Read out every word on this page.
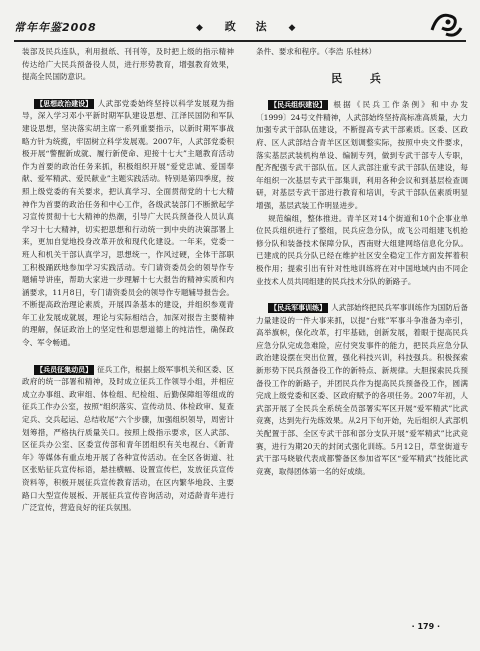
常年年鉴2008	◆ 政 法 ◆

装部及民兵连队，利用报纸、刊刊等，及时把上级的指示精神传达给广大民兵预备役人员，进行形势教育，增强教育效果，提高全民国防意识。

【思想政治建设】 人武部党委始终坚持以科学发展观为指导，深入学习邓小平新时期军队建设思想、江泽民国防和军队建设思想，坚决落实胡主席一系列重要指示，以新时期军事战略方针为统揽，牢固树立科学发展观。2007年，人武部党委积极开展“警醒新成就、履行新使命、迎接十七大”主题教育活动作为首要的政治任务来抓，积极组织开展“爱党忠诚、爱国奉献、爱军精武、爱民献业”主题实践活动。特别是第四季度，按照上级党委的有关要求，把认真学习、全面贯彻党的十七大精神作为首要的政治任务和中心工作，各级武装部门不断掀起学习宣传贯彻十七大精神的热潮，引导广大民兵预备役人员认真学习十七大精神，切实把思想和行动统一到中央的决策部署上来，更加自觉地投身改革开放和现代化建设。一年来，党委一班人和机关干部认真学习，思想统一，作风过硬，全体干部职工积极踊跃地参加学习实践活动。专门请资委员会的领导作专题辅导讲座，帮助大家进一步理解十七大报告的精神实质和内涵要求，11月8日，专门请资委员会的领导作专题辅导报告会。不断提高政治理论素质，开展四条基本的建设，并组织参观青年工业发展成就展，理论与实际相结合，加深对报告主要精神的理解，保证政治上的坚定性和思想道德上的纯洁性，确保政令、军令畅通。

【兵员征集动员】 征兵工作，根据上级军事机关和区委、区政府的统一部署和精神，及时成立征兵工作领导小组，并相应成立办事组、政审组、体检组、纪检组、后勤保障组等组成的征兵工作办公室，按照“组织落实、宣传动员、体检政审、复查定兵、交兵起运、总结收尾”六个步骤，加强组织领导，周密计划筹措，严格执行质量关口。按照上级指示要求，区人武部、区征兵办公室、区委宣传部和青年团组织有关电视台、《新青年》等媒体有重点地开展了各种宣传活动。在全区各街道、社区张贴征兵宣传标语，悬挂横幅、设置宣传栏，发放征兵宣传资料等，积极开展征兵宣传教育活动，在区内繁华地段、主要路口大型宣传展板、开展征兵宣传咨询活动，对适龄青年进行广泛宣传，营造良好的征兵氛围。

条件、要求和程序。（李浩 乐桂林）

民 兵

【民兵组织建设】 根据《民兵工作条例》和中办发〔1999〕24号文件精神，人武部始终坚持高标准高质量，大力加强专武干部队伍建设，不断提高专武干部素质。区委、区政府、区人武部结合青羊区区划调整实际，按照中央文件要求，落实基层武装机构单设、编制专列，做到专武干部专人专职，配齐配强专武干部队伍。区人武部注重专武干部队伍建设，每年组织一次基层专武干部集训，利用各种会议和到基层检查调研，对基层专武干部进行教育和培训，专武干部队伍素质明显增强，基层武装工作明显进步。

规范编组，整体推进。青羊区对14个街道和10个企事业单位民兵组织进行了整组，民兵应急分队，成飞公司组建飞机抢修分队和装备技术保障分队，西南财大组建网络信息化分队。已建成的民兵分队已经在维护社区安全稳定工作方面发挥着积极作用；提索引出有针对性地训练将在对中国地域内由不同企业技术人员共同组建的民兵技术分队的新路子。

【民兵军事训练】 人武部始终把民兵军事训练作为国防后备力量建设的一件大事来抓，以提“台账”军事斗争准备为牵引，高举旗帜，保化改革，打牢基础，创新发展，着眼于提高民兵应急分队完成急难险，应付突发事件的能力，把民兵应急分队政治建设摆在突出位置，强化科技兴训，科技强兵。积极探索新形势下民兵预备役工作的新特点、新规律。大胆探索民兵预备役工作的新路子，并团民兵作为提高民兵预备役工作，圆满完成上级党委和区委、区政府赋予的各项任务。2007年初，人武部开展了全民兵全系统全员部署实军区开展“爱军精武”比武竞赛，达到先行先练效果。从2月下旬开始，先后组织人武部机关配置于部、全区专武干部和部分支队开展“爱军精武”比武竞赛，进行为期20天的封闭式强化训练。5月12日，草堂街道专武干部马晓敏代表成都警备区参加省军区“爱军精武”技能比武竞赛，取得团体第一名的好成绩。

· 179 ·
